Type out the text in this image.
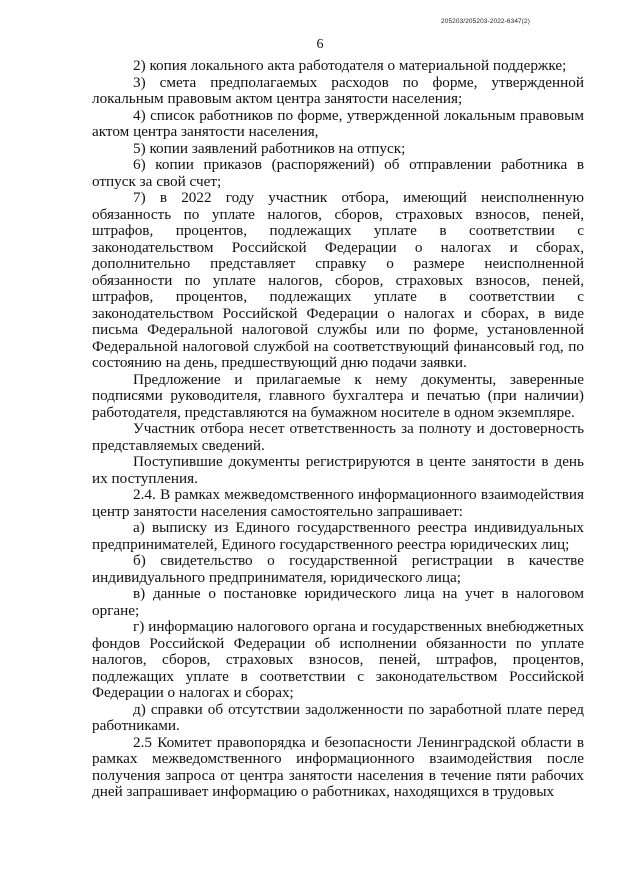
205203/205203-2022-6347(2)
6

2) копия локального акта работодателя о материальной поддержке;

3) смета предполагаемых расходов по форме, утвержденной локальным правовым актом центра занятости населения;

4) список работников по форме, утвержденной локальным правовым актом центра занятости населения,

5) копии заявлений работников на отпуск;

6) копии приказов (распоряжений) об отправлении работника в отпуск за свой счет;

7) в 2022 году участник отбора, имеющий неисполненную обязанность по уплате налогов, сборов, страховых взносов, пеней, штрафов, процентов, подлежащих уплате в соответствии с законодательством Российской Федерации о налогах и сборах, дополнительно представляет справку о размере неисполненной обязанности по уплате налогов, сборов, страховых взносов, пеней, штрафов, процентов, подлежащих уплате в соответствии с законодательством Российской Федерации о налогах и сборах, в виде письма Федеральной налоговой службы или по форме, установленной Федеральной налоговой службой на соответствующий финансовый год, по состоянию на день, предшествующий дню подачи заявки.

Предложение и прилагаемые к нему документы, заверенные подписями руководителя, главного бухгалтера и печатью (при наличии) работодателя, представляются на бумажном носителе в одном экземпляре.

Участник отбора несет ответственность за полноту и достоверность представляемых сведений.

Поступившие документы регистрируются в центе занятости в день их поступления.

2.4. В рамках межведомственного информационного взаимодействия центр занятости населения самостоятельно запрашивает:

а) выписку из Единого государственного реестра индивидуальных предпринимателей, Единого государственного реестра юридических лиц;

б) свидетельство о государственной регистрации в качестве индивидуального предпринимателя, юридического лица;

в) данные о постановке юридического лица на учет в налоговом органе;

г) информацию налогового органа и государственных внебюджетных фондов Российской Федерации об исполнении обязанности по уплате налогов, сборов, страховых взносов, пеней, штрафов, процентов, подлежащих уплате в соответствии с законодательством Российской Федерации о налогах и сборах;

д) справки об отсутствии задолженности по заработной плате перед работниками.

2.5 Комитет правопорядка и безопасности Ленинградской области в рамках межведомственного информационного взаимодействия после получения запроса от центра занятости населения в течение пяти рабочих дней запрашивает информацию о работниках, находящихся в трудовых
